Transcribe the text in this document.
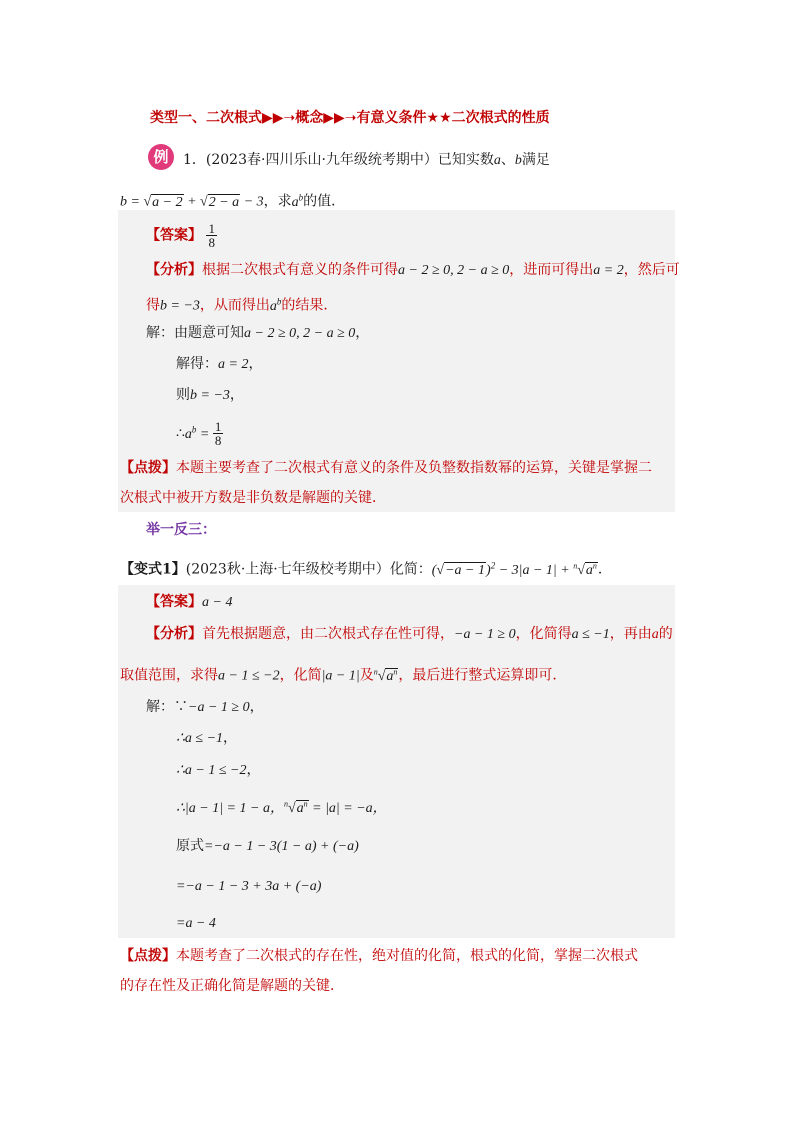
类型一、二次根式▶▶➝概念▶▶➝有意义条件★★二次根式的性质
例	1．(2023春·四川乐山·九年级统考期中）已知实数a、b满足
b = √a − 2 + √2 − a − 3，求$a^b$的值．
【答案】 $\frac{1}{8}$
【分析】根据二次根式有意义的条件可得a − 2 ≥ 0, 2 − a ≥ 0，进而可得出a = 2，然后可
得b = −3，从而得出$a^b$的结果．
解：由题意可知a − 2 ≥ 0, 2 − a ≥ 0，
解得：a = 2，
则b = −3，
$\therefore a^b = \frac{1}{8}$
【点拨】本题主要考查了二次根式有意义的条件及负整数指数幂的运算，关键是掌握二
次根式中被开方数是非负数是解题的关键．
举一反三：
【变式1】(2023秋·上海·七年级校考期中）化简：$(√-a - 1)^2 - 3|a - 1| + ^n√a^n$．
【答案】a − 4
【分析】首先根据题意，由二次根式存在性可得，−a − 1 ≥ 0，化简得a ≤ −1，再由a的
取值范围，求得a − 1 ≤ −2，化简|a − 1|及$^n√a^n$，最后进行整式运算即可．
解：∵−a − 1 ≥ 0，
∴a ≤ −1，
∴a − 1 ≤ −2，
∴|a − 1| = 1 − a，$^n√a^n = |a| = -a$，
原式=−a − 1 − 3(1 − a) + (−a)
=−a − 1 − 3 + 3a + (−a)
=a − 4
【点拨】本题考查了二次根式的存在性，绝对值的化简，根式的化简，掌握二次根式
的存在性及正确化简是解题的关键．
